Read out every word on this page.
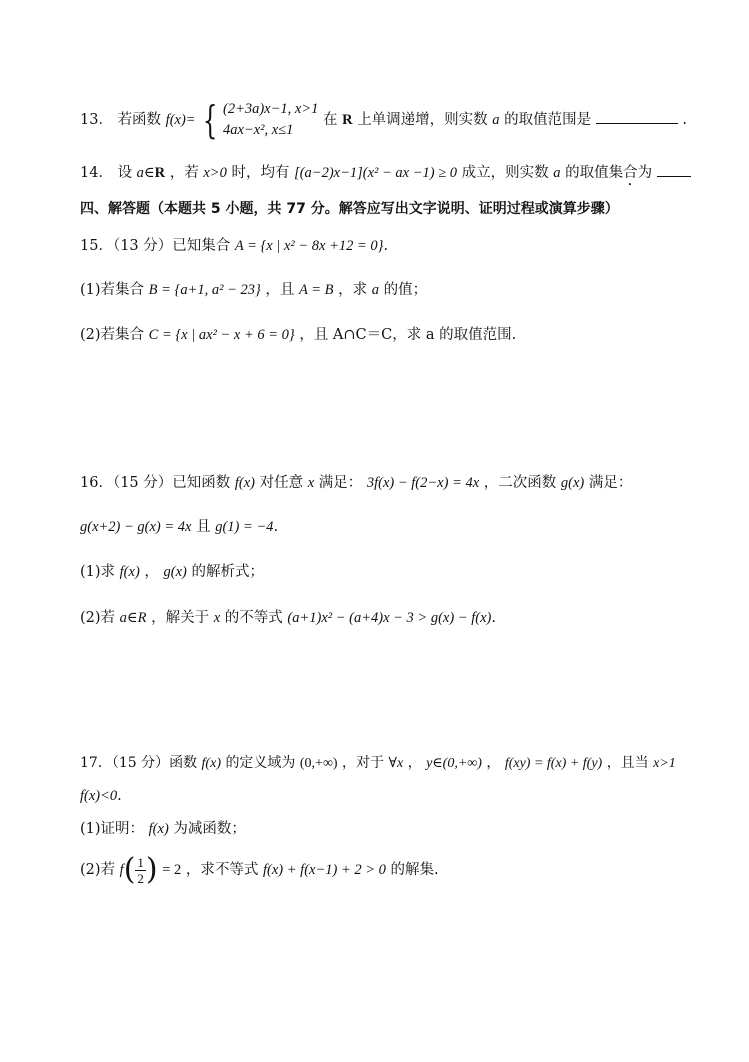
13． 若函数 f(x)= { (2+3a)x−1, x>1
4ax−x², x≤1 在 R 上单调递增，则实数 a 的取值范围是	.
14． 设 a∈R ，若 x>0 时，均有 [(a−2)x−1](x² − ax −1) ≥ 0 成立，则实数 a 的取值集合为
四、解答题（本题共 5 小题，共 77 分。解答应写出文字说明、证明过程或演算步骤）
15．（13 分）已知集合 A = {x | x² − 8x +12 = 0}.
(1)若集合 B = {a+1, a² − 23} ，且 A = B ，求 a 的值；
(2)若集合 C = {x | ax² − x + 6 = 0} ，且 A∩C＝C，求 a 的取值范围.
16．（15 分）已知函数 f(x) 对任意 x 满足： 3f(x) − f(2−x) = 4x ，二次函数 g(x) 满足：
g(x+2) − g(x) = 4x 且 g(1) = −4.
(1)求 f(x) ， g(x) 的解析式；
(2)若 a∈R ，解关于 x 的不等式 (a+1)x² − (a+4)x − 3 > g(x) − f(x).
17．（15 分）函数 f(x) 的定义域为 (0,+∞) ，对于 ∀x ， y∈(0,+∞) ， f(xy) = f(x) + f(y) ，且当 x>1
f(x)<0.
(1)证明： f(x) 为减函数；
(2)若 $f( \frac{1}{2}$ ) = 2 ，求不等式 f(x) + f(x−1) + 2 > 0 的解集.
